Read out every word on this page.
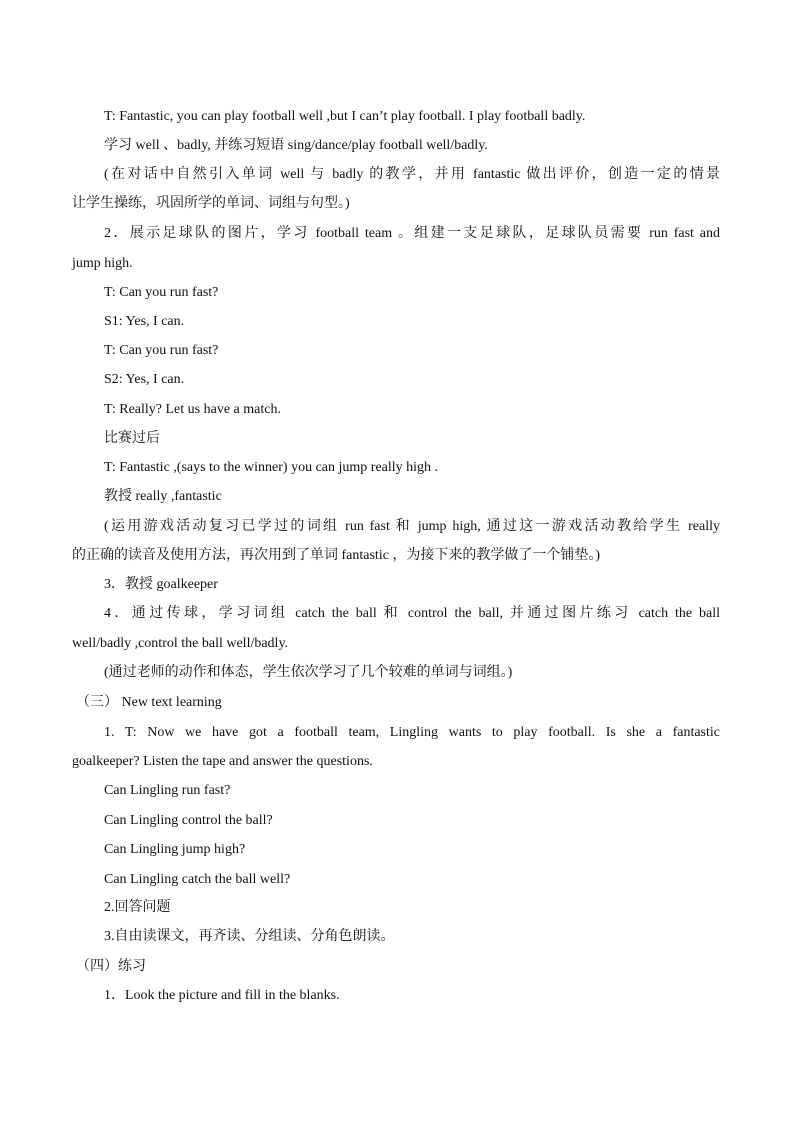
T: Fantastic, you can play football well ,but I can’t play football. I play football badly.
学习 well 、badly, 并练习短语 sing/dance/play football well/badly.
(在对话中自然引入单词 well 与 badly 的教学，并用 fantastic 做出评价，创造一定的情景
让学生操练，巩固所学的单词、词组与句型。)
2．展示足球队的图片，学习 football team 。组建一支足球队，足球队员需要 run fast and
jump high.
T: Can you run fast?
S1: Yes, I can.
T: Can you run fast?
S2: Yes, I can.
T: Really? Let us have a match.
比赛过后
T: Fantastic ,(says to the winner) you can jump really high .
教授 really ,fantastic
(运用游戏活动复习已学过的词组 run fast 和 jump high, 通过这一游戏活动教给学生 really
的正确的读音及使用方法，再次用到了单词 fantastic ，为接下来的教学做了一个铺垫。)
3．教授 goalkeeper
4．通过传球，学习词组 catch the ball 和 control the ball, 并通过图片练习 catch the ball
well/badly ,control the ball well/badly.
(通过老师的动作和体态，学生依次学习了几个较难的单词与词组。)
（三） New text learning
1. T: Now we have got a football team, Lingling wants to play football. Is she a fantastic
goalkeeper? Listen the tape and answer the questions.
Can Lingling run fast?
Can Lingling control the ball?
Can Lingling jump high?
Can Lingling catch the ball well?
2.回答问题
3.自由读课文，再齐读、分组读、分角色朗读。
（四）练习
1．Look the picture and fill in the blanks.
